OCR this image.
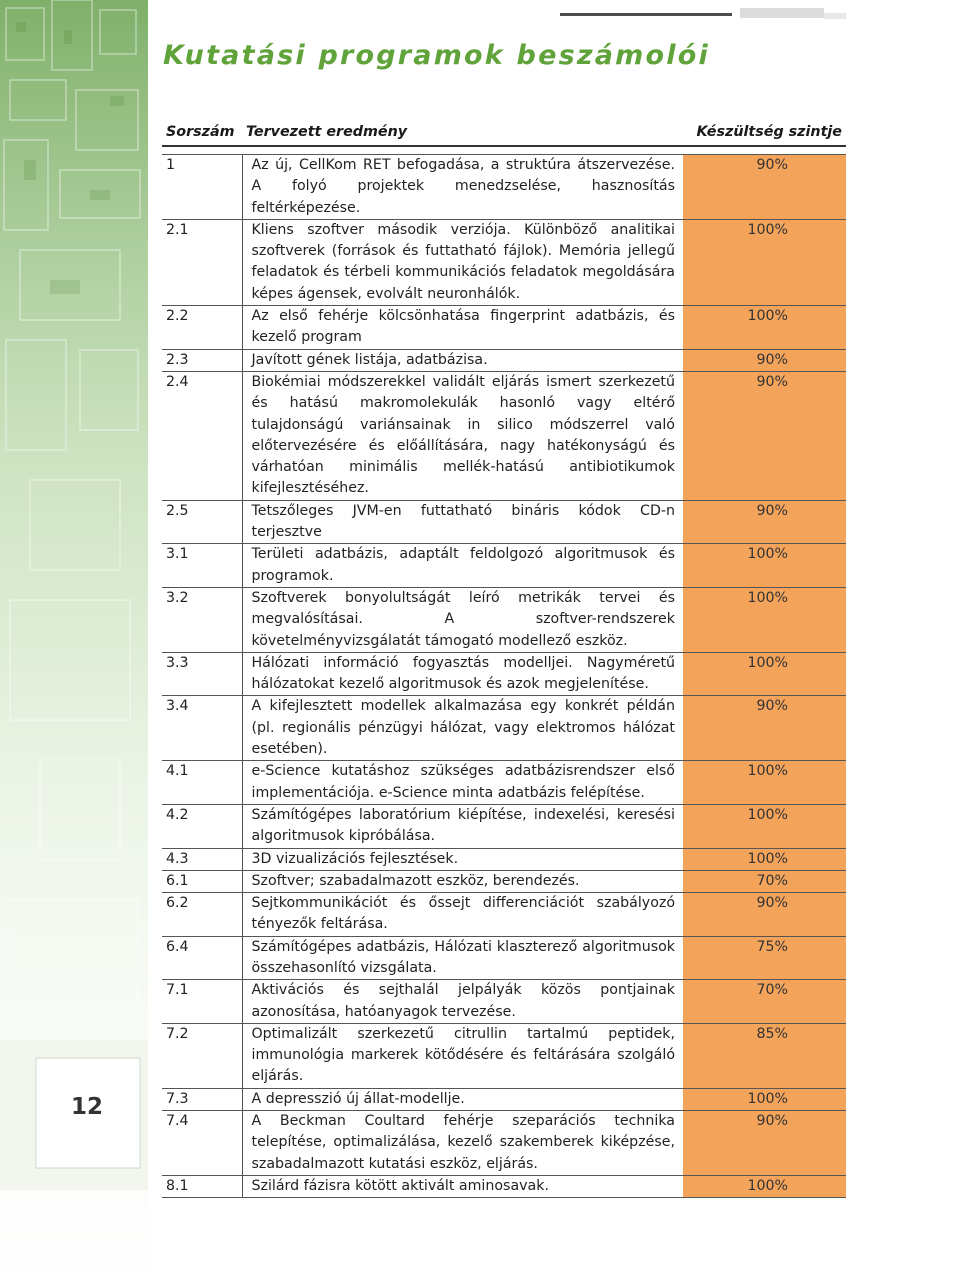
Kutatási programok beszámolói
12
Sorszám	Tervezett eredmény	Készültség szintje

1	Az új, CellKom RET befogadása, a struktúra átszervezése. A folyó projektek menedzselése, hasznosítás feltérképezése.	90%
2.1	Kliens szoftver második verziója. Különböző analitikai szoftverek (források és futtatható fájlok). Memória jellegű feladatok és térbeli kommunikációs feladatok megoldására képes ágensek, evolvált neuronhálók.	100%
2.2	Az első fehérje kölcsönhatása fingerprint adatbázis, és kezelő program	100%
2.3	Javított gének listája, adatbázisa.	90%
2.4	Biokémiai módszerekkel validált eljárás ismert szerkezetű és hatású makromolekulák hasonló vagy eltérő tulajdonságú variánsainak in silico módszerrel való előtervezésére és előállítására, nagy hatékonyságú és várhatóan minimális mellék-hatású antibiotikumok kifejlesztéséhez.	90%
2.5	Tetszőleges JVM-en futtatható bináris kódok CD-n terjesztve	90%
3.1	Területi adatbázis, adaptált feldolgozó algoritmusok és programok.	100%
3.2	Szoftverek bonyolultságát leíró metrikák tervei és megvalósításai. A szoftver-rendszerek követelményvizsgálatát támogató modellező eszköz.	100%
3.3	Hálózati információ fogyasztás modelljei. Nagyméretű hálózatokat kezelő algoritmusok és azok megjelenítése.	100%
3.4	A kifejlesztett modellek alkalmazása egy konkrét példán (pl. regionális pénzügyi hálózat, vagy elektromos hálózat esetében).	90%
4.1	e-Science kutatáshoz szükséges adatbázisrendszer első implementációja. e-Science minta adatbázis felépítése.	100%
4.2	Számítógépes laboratórium kiépítése, indexelési, keresési algoritmusok kipróbálása.	100%
4.3	3D vizualizációs fejlesztések.	100%
6.1	Szoftver; szabadalmazott eszköz, berendezés.	70%
6.2	Sejtkommunikációt és őssejt differenciációt szabályozó tényezők feltárása.	90%
6.4	Számítógépes adatbázis, Hálózati klaszterező algoritmusok összehasonlító vizsgálata.	75%
7.1	Aktivációs és sejthalál jelpályák közös pontjainak azonosítása, hatóanyagok tervezése.	70%
7.2	Optimalizált szerkezetű citrullin tartalmú peptidek, immunológia markerek kötődésére és feltárására szolgáló eljárás.	85%
7.3	A depresszió új állat-modellje.	100%
7.4	A Beckman Coultard fehérje szeparációs technika telepítése, optimalizálása, kezelő szakemberek kiképzése, szabadalmazott kutatási eszköz, eljárás.	90%
8.1	Szilárd fázisra kötött aktivált aminosavak.	100%
